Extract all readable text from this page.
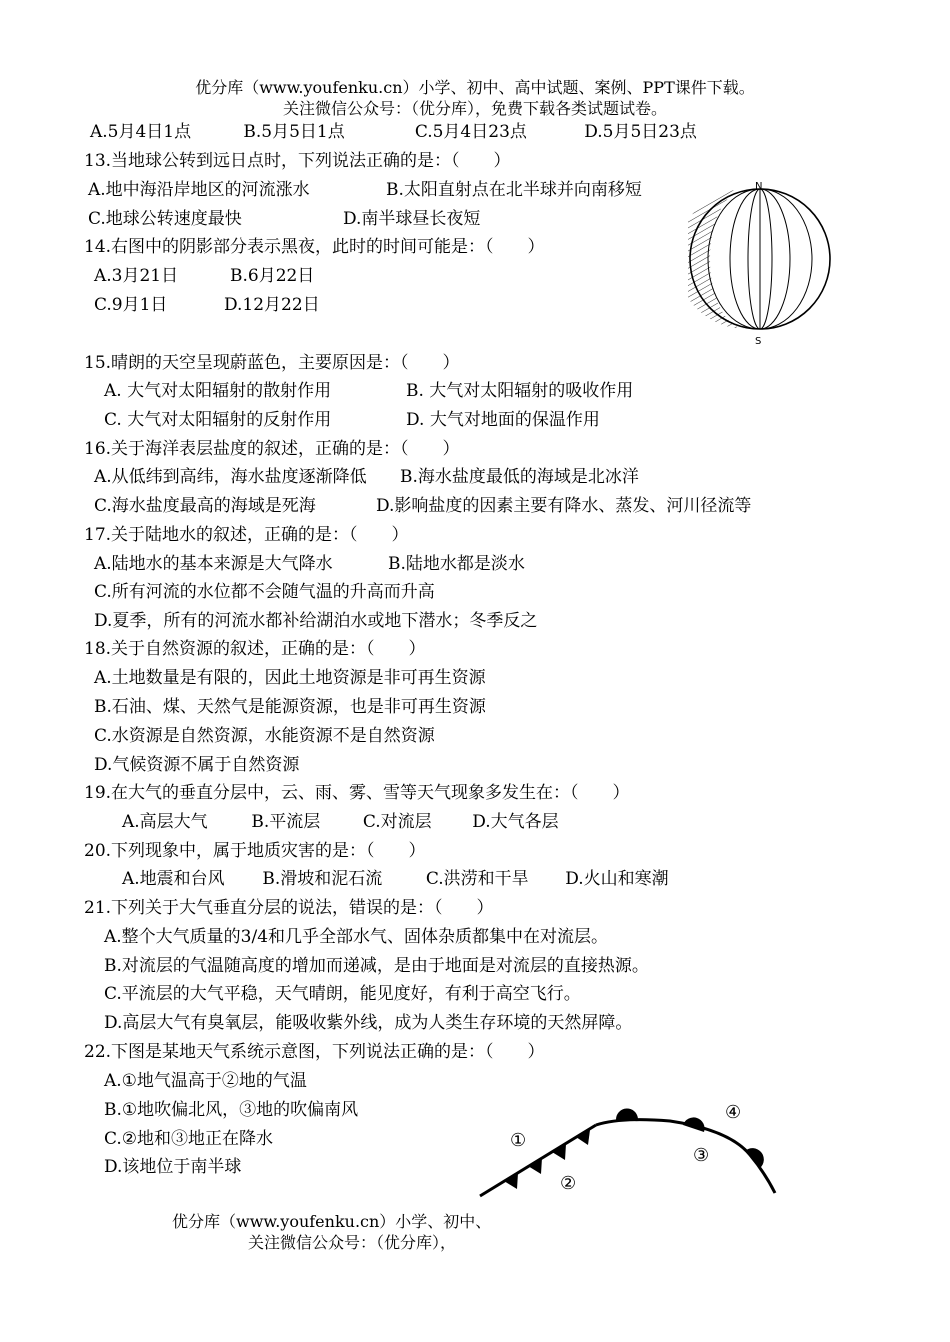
优分库（www.youfenku.cn）小学、初中、高中试题、案例、PPT课件下载。
关注微信公众号：（优分库），免费下载各类试题试卷。
A.5月4日1点	B.5月5日1点	C.5月4日23点	D.5月5日23点
13.当地球公转到远日点时，下列说法正确的是：（　　）
A.地中海沿岸地区的河流涨水	B.太阳直射点在北半球并向南移短
C.地球公转速度最快	D.南半球昼长夜短
14.右图中的阴影部分表示黑夜，此时的时间可能是：（　　）
A.3月21日	B.6月22日
C.9月1日	D.12月22日
N
S
15.晴朗的天空呈现蔚蓝色，主要原因是：（　　）
A. 大气对太阳辐射的散射作用	B. 大气对太阳辐射的吸收作用
C. 大气对太阳辐射的反射作用	D. 大气对地面的保温作用
16.关于海洋表层盐度的叙述，正确的是：（　　）
A.从低纬到高纬，海水盐度逐渐降低 B.海水盐度最低的海域是北冰洋
C.海水盐度最高的海域是死海	D.影响盐度的因素主要有降水、蒸发、河川径流等
17.关于陆地水的叙述，正确的是：（　　）
A.陆地水的基本来源是大气降水	B.陆地水都是淡水
C.所有河流的水位都不会随气温的升高而升高
D.夏季，所有的河流水都补给湖泊水或地下潜水；冬季反之
18.关于自然资源的叙述，正确的是：（　　）
A.土地数量是有限的，因此土地资源是非可再生资源
B.石油、煤、天然气是能源资源，也是非可再生资源
C.水资源是自然资源，水能资源不是自然资源
D.气候资源不属于自然资源
19.在大气的垂直分层中，云、雨、雾、雪等天气现象多发生在：（　　）
A.高层大气	B.平流层	C.对流层 D.大气各层
20.下列现象中，属于地质灾害的是：（　　）
A.地震和台风 B.滑坡和泥石流	C.洪涝和干旱 D.火山和寒潮
21.下列关于大气垂直分层的说法，错误的是：（　　）
A.整个大气质量的3/4和几乎全部水气、固体杂质都集中在对流层。
B.对流层的气温随高度的增加而递减，是由于地面是对流层的直接热源。
C.平流层的大气平稳，天气晴朗，能见度好，有利于高空飞行。
D.高层大气有臭氧层，能吸收紫外线，成为人类生存环境的天然屏障。
22.下图是某地天气系统示意图，下列说法正确的是：（　　）
A.①地气温高于②地的气温
B.①地吹偏北风，③地的吹偏南风
C.②地和③地正在降水
D.该地位于南半球
①
②
③
④
优分库（www.youfenku.cn）小学、初中、
关注微信公众号：（优分库），
